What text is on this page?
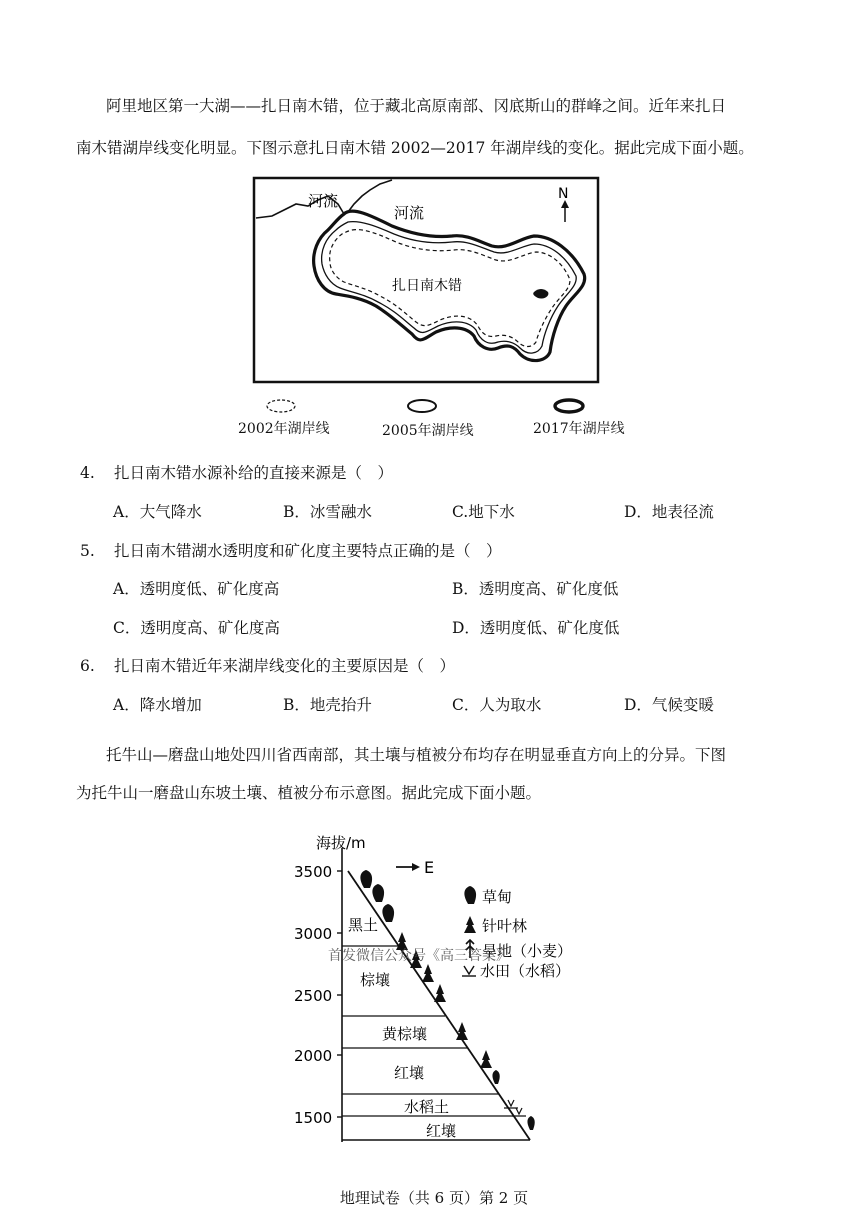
阿里地区第一大湖——扎日南木错，位于藏北高原南部、冈底斯山的群峰之间。近年来扎日
南木错湖岸线变化明显。下图示意扎日南木错 2002—2017 年湖岸线的变化。据此完成下面小题。
N
河流
河流
扎日南木错
2002年湖岸线	2005年湖岸线	2017年湖岸线
4. 扎日南木错水源补给的直接来源是（　）
A．大气降水	B．冰雪融水	C.地下水	D．地表径流
5. 扎日南木错湖水透明度和矿化度主要特点正确的是（　）
A．透明度低、矿化度高	B．透明度高、矿化度低
C．透明度高、矿化度高	D．透明度低、矿化度低
6. 扎日南木错近年来湖岸线变化的主要原因是（　）
A．降水增加	B．地壳抬升	C．人为取水	D．气候变暖
托牛山—磨盘山地处四川省西南部，其土壤与植被分布均存在明显垂直方向上的分异。下图
为托牛山一磨盘山东坡土壤、植被分布示意图。据此完成下面小题。
海拔/m
3500
3000
2500
2000
1500
黑土
棕壤
黄棕壤
红壤
水稻土
红壤
E
草甸
针叶林
旱地（小麦）
水田（水稻）
首发微信公众号《高三答案》
地理试卷（共 6 页）第 2 页
